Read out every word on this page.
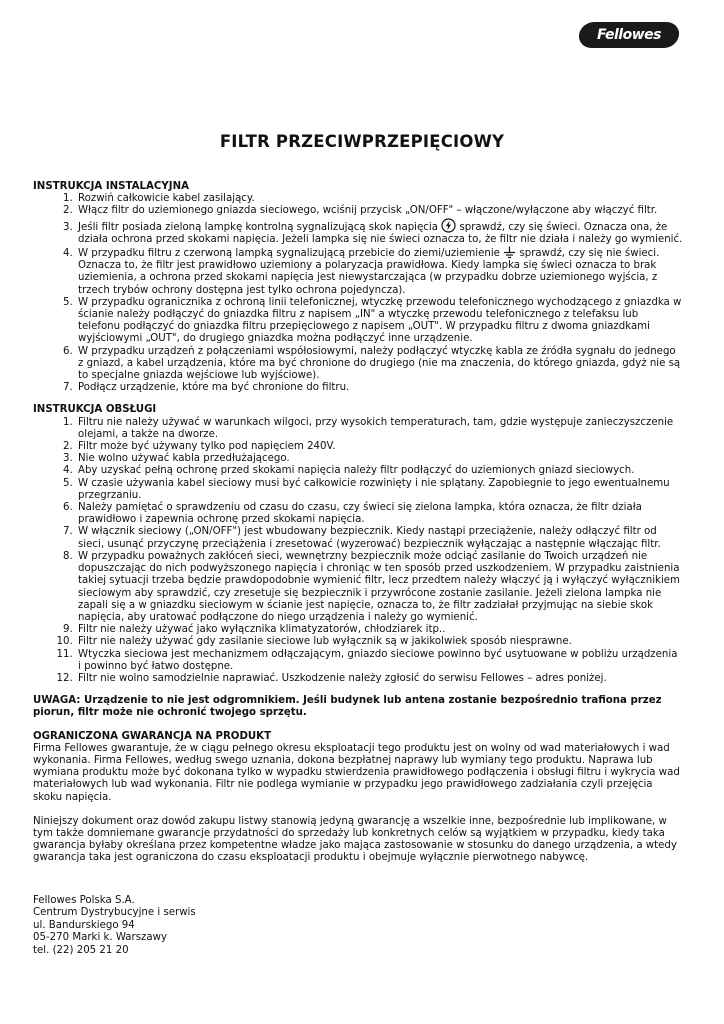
Fellowes
FILTR PRZECIWPRZEPIĘCIOWY
INSTRUKCJA INSTALACYJNA
1. Rozwiń całkowicie kabel zasilający.
2. Włącz filtr do uziemionego gniazda sieciowego, wciśnij przycisk „ON/OFF" – włączone/wyłączone aby włączyć filtr.
3. Jeśli filtr posiada zieloną lampkę kontrolną sygnalizującą skok napięcia sprawdź, czy się świeci. Oznacza ona, że działa ochrona przed skokami napięcia. Jeżeli lampka się nie świeci oznacza to, że filtr nie działa i należy go wymienić.
4. W przypadku filtru z czerwoną lampką sygnalizującą przebicie do ziemi/uziemienie sprawdź, czy się nie świeci. Oznacza to, że filtr jest prawidłowo uziemiony a polaryzacja prawidłowa. Kiedy lampka się świeci oznacza to brak uziemienia, a ochrona przed skokami napięcia jest niewystarczająca (w przypadku dobrze uziemionego wyjścia, z trzech trybów ochrony dostępna jest tylko ochrona pojedyncza).
5. W przypadku ogranicznika z ochroną linii telefonicznej, wtyczkę przewodu telefonicznego wychodzącego z gniazdka w ścianie należy podłączyć do gniazdka filtru z napisem „IN" a wtyczkę przewodu telefonicznego z telefaksu lub telefonu podłączyć do gniazdka filtru przepięciowego z napisem „OUT". W przypadku filtru z dwoma gniazdkami wyjściowymi „OUT", do drugiego gniazdka można podłączyć inne urządzenie.
6. W przypadku urządzeń z połączeniami współosiowymi, należy podłączyć wtyczkę kabla ze źródła sygnału do jednego z gniazd, a kabel urządzenia, które ma być chronione do drugiego (nie ma znaczenia, do którego gniazda, gdyż nie są to specjalne gniazda wejściowe lub wyjściowe).
7. Podłącz urządzenie, które ma być chronione do filtru.
INSTRUKCJA OBSŁUGI
1. Filtru nie należy używać w warunkach wilgoci, przy wysokich temperaturach, tam, gdzie występuje zanieczyszczenie olejami, a także na dworze.
2. Filtr może być używany tylko pod napięciem 240V.
3. Nie wolno używać kabla przedłużającego.
4. Aby uzyskać pełną ochronę przed skokami napięcia należy filtr podłączyć do uziemionych gniazd sieciowych.
5. W czasie używania kabel sieciowy musi być całkowicie rozwinięty i nie splątany. Zapobiegnie to jego ewentualnemu przegrzaniu.
6. Należy pamiętać o sprawdzeniu od czasu do czasu, czy świeci się zielona lampka, która oznacza, że filtr działa prawidłowo i zapewnia ochronę przed skokami napięcia.
7. W włącznik sieciowy („ON/OFF") jest wbudowany bezpiecznik. Kiedy nastąpi przeciążenie, należy odłączyć filtr od sieci, usunąć przyczynę przeciążenia i zresetować (wyzerować) bezpiecznik wyłączając a następnie włączając filtr.
8. W przypadku poważnych zakłóceń sieci, wewnętrzny bezpiecznik może odciąć zasilanie do Twoich urządzeń nie dopuszczając do nich podwyższonego napięcia i chroniąc w ten sposób przed uszkodzeniem. W przypadku zaistnienia takiej sytuacji trzeba będzie prawdopodobnie wymienić filtr, lecz przedtem należy włączyć ją i wyłączyć wyłącznikiem sieciowym aby sprawdzić, czy zresetuje się bezpiecznik i przywrócone zostanie zasilanie. Jeżeli zielona lampka nie zapali się a w gniazdku sieciowym w ścianie jest napięcie, oznacza to, że filtr zadziałał przyjmując na siebie skok napięcia, aby uratować podłączone do niego urządzenia i należy go wymienić.
9. Filtr nie należy używać jako wyłącznika klimatyzatorów, chłodziarek itp..
10. Filtr nie należy używać gdy zasilanie sieciowe lub wyłącznik są w jakikolwiek sposób niesprawne.
11. Wtyczka sieciowa jest mechanizmem odłączającym, gniazdo sieciowe powinno być usytuowane w pobliżu urządzenia i powinno być łatwo dostępne.
12. Filtr nie wolno samodzielnie naprawiać. Uszkodzenie należy zgłosić do serwisu Fellowes – adres poniżej.

UWAGA: Urządzenie to nie jest odgromnikiem. Jeśli budynek lub antena zostanie bezpośrednio trafiona przez piorun, filtr może nie ochronić twojego sprzętu.

OGRANICZONA GWARANCJA NA PRODUKT

Firma Fellowes gwarantuje, że w ciągu pełnego okresu eksploatacji tego produktu jest on wolny od wad materiałowych i wad wykonania. Firma Fellowes, według swego uznania, dokona bezpłatnej naprawy lub wymiany tego produktu. Naprawa lub wymiana produktu może być dokonana tylko w wypadku stwierdzenia prawidłowego podłączenia i obsługi filtru i wykrycia wad materiałowych lub wad wykonania. Filtr nie podlega wymianie w przypadku jego prawidłowego zadziałania czyli przejęcia skoku napięcia.

Niniejszy dokument oraz dowód zakupu listwy stanowią jedyną gwarancję a wszelkie inne, bezpośrednie lub implikowane, w tym także domniemane gwarancje przydatności do sprzedaży lub konkretnych celów są wyjątkiem w przypadku, kiedy taka gwarancja byłaby określana przez kompetentne władze jako mająca zastosowanie w stosunku do danego urządzenia, a wtedy gwarancja taka jest ograniczona do czasu eksploatacji produktu i obejmuje wyłącznie pierwotnego nabywcę.

Fellowes Polska S.A.
Centrum Dystrybucyjne i serwis
ul. Bandurskiego 94
05-270 Marki k. Warszawy
tel. (22) 205 21 20
